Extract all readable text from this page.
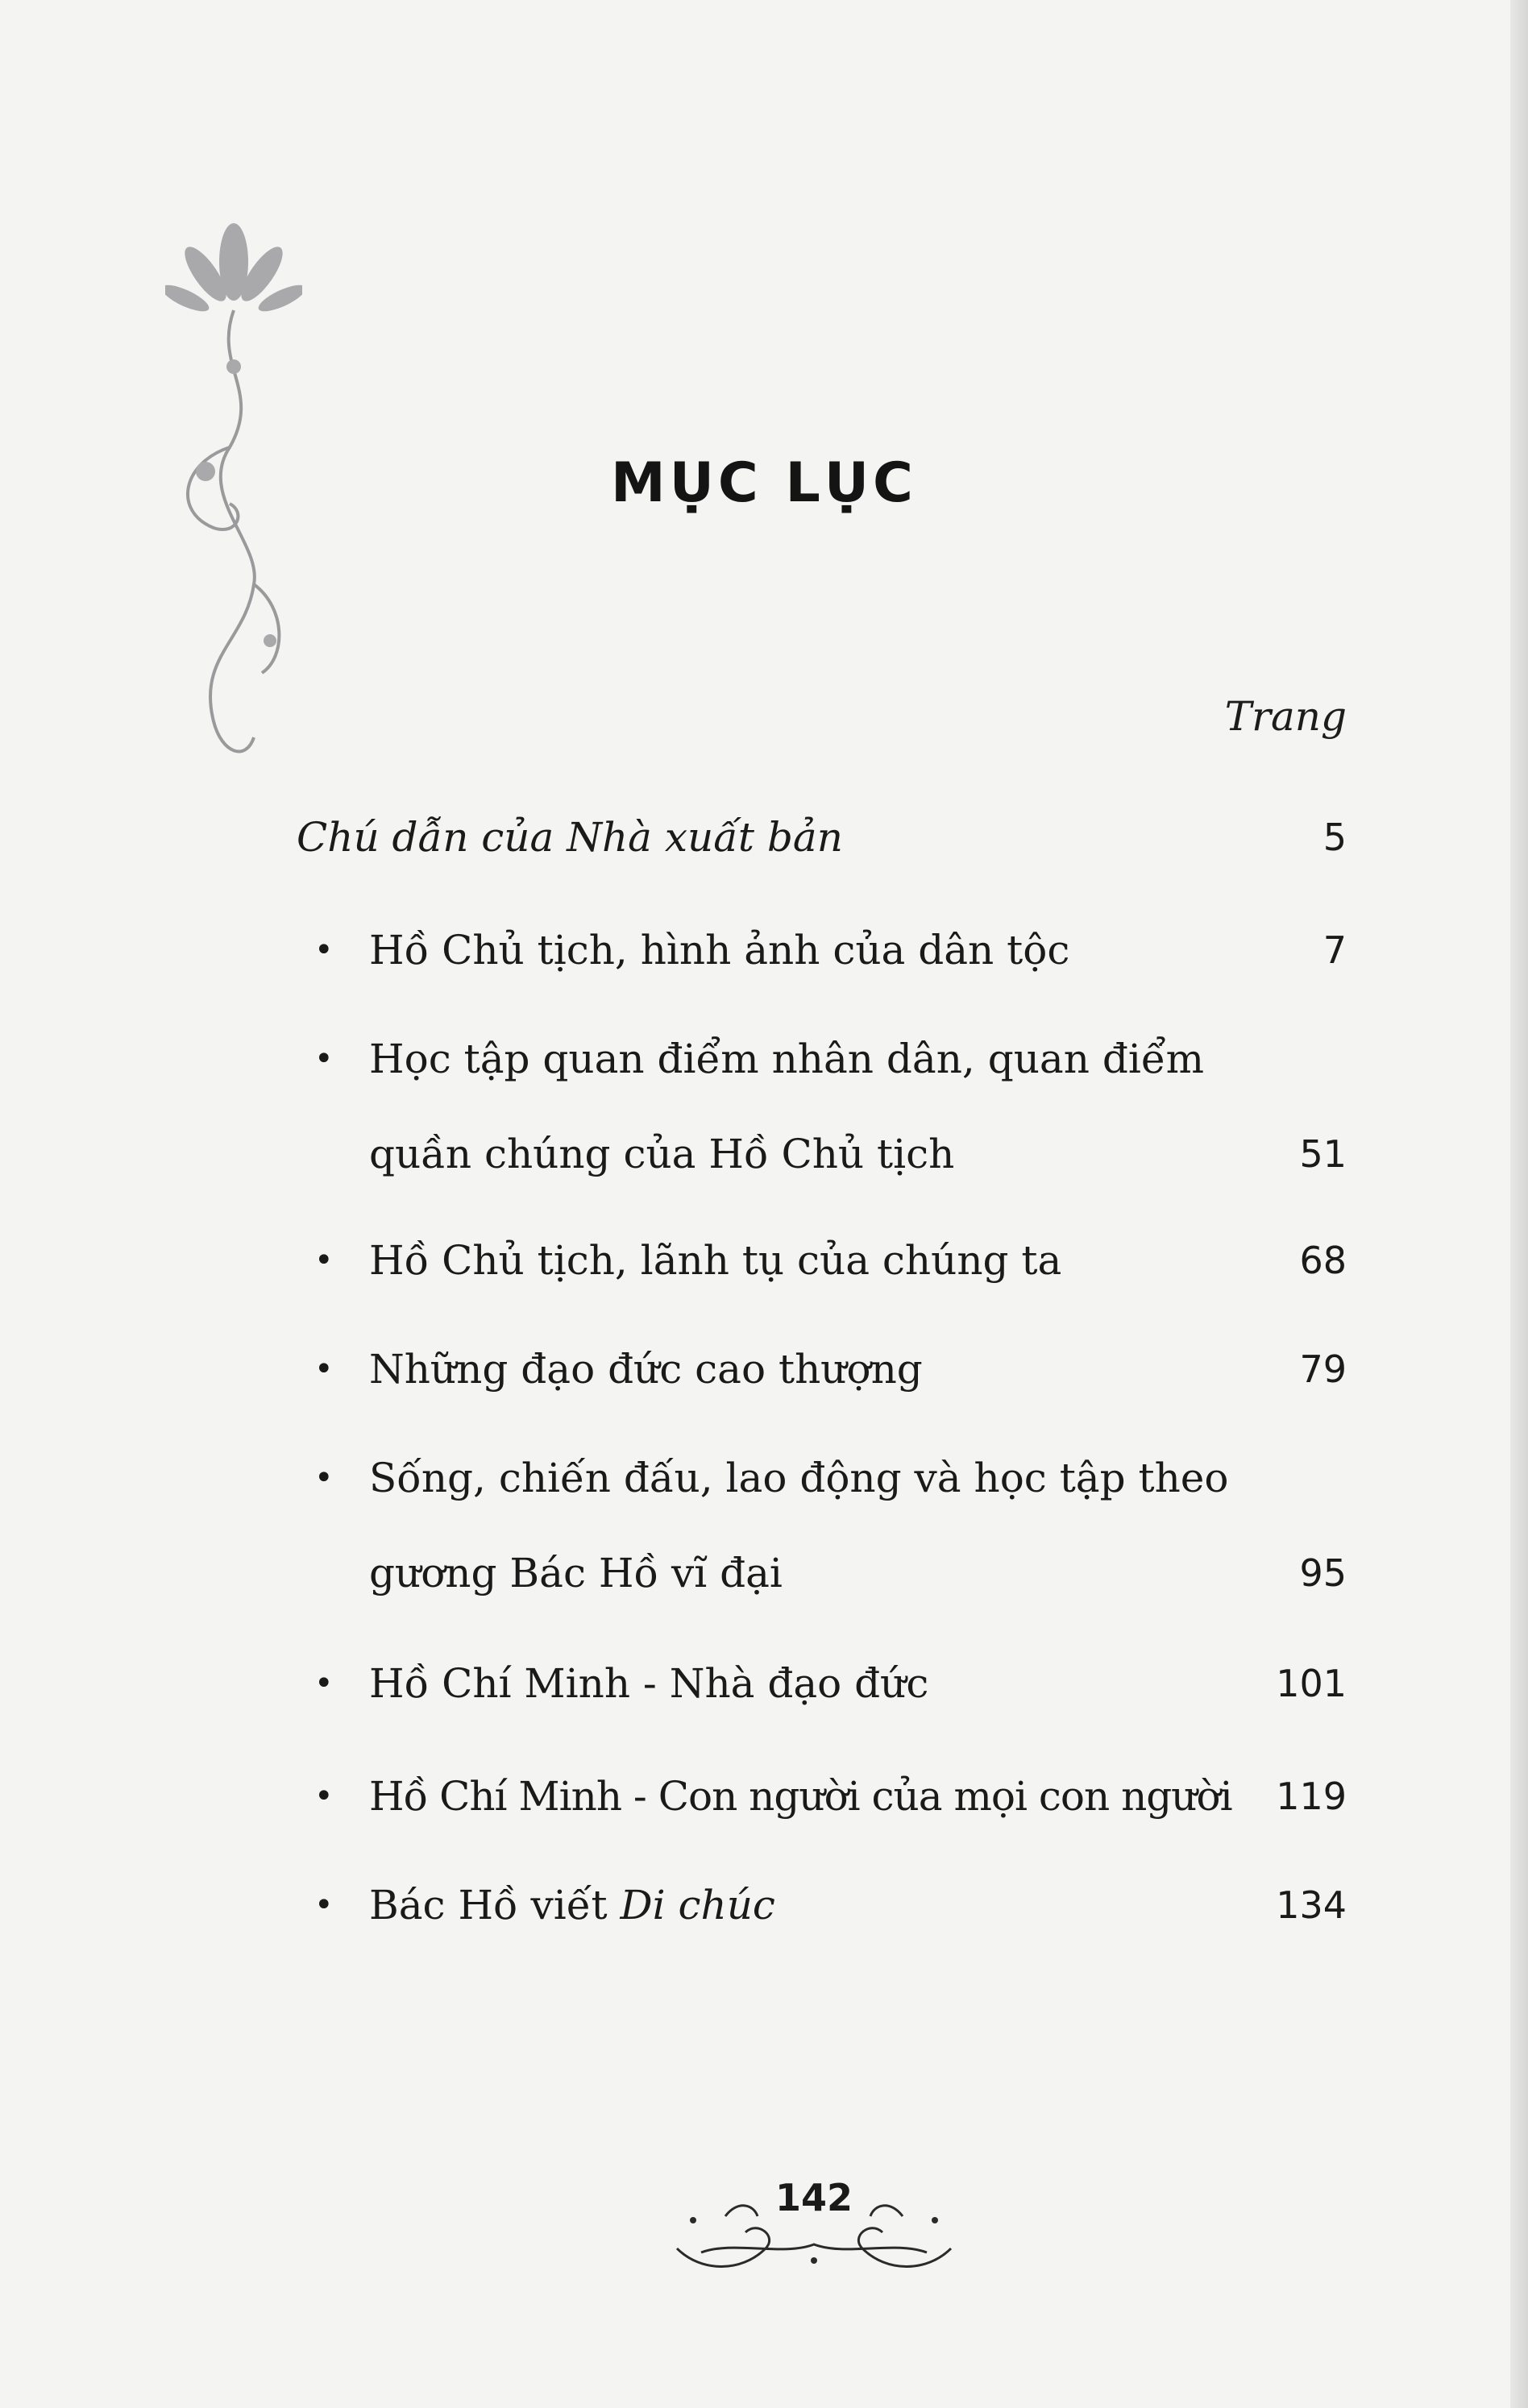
MỤC LỤC
Trang
Chú dẫn của Nhà xuất bản	5
• Hồ Chủ tịch, hình ảnh của dân tộc	7
• Học tập quan điểm nhân dân, quan điểm
quần chúng của Hồ Chủ tịch	51
• Hồ Chủ tịch, lãnh tụ của chúng ta	68
• Những đạo đức cao thượng	79
• Sống, chiến đấu, lao động và học tập theo
gương Bác Hồ vĩ đại	95
• Hồ Chí Minh - Nhà đạo đức	101
• Hồ Chí Minh - Con người của mọi con người 119
• Bác Hồ viết Di chúc	134
142
